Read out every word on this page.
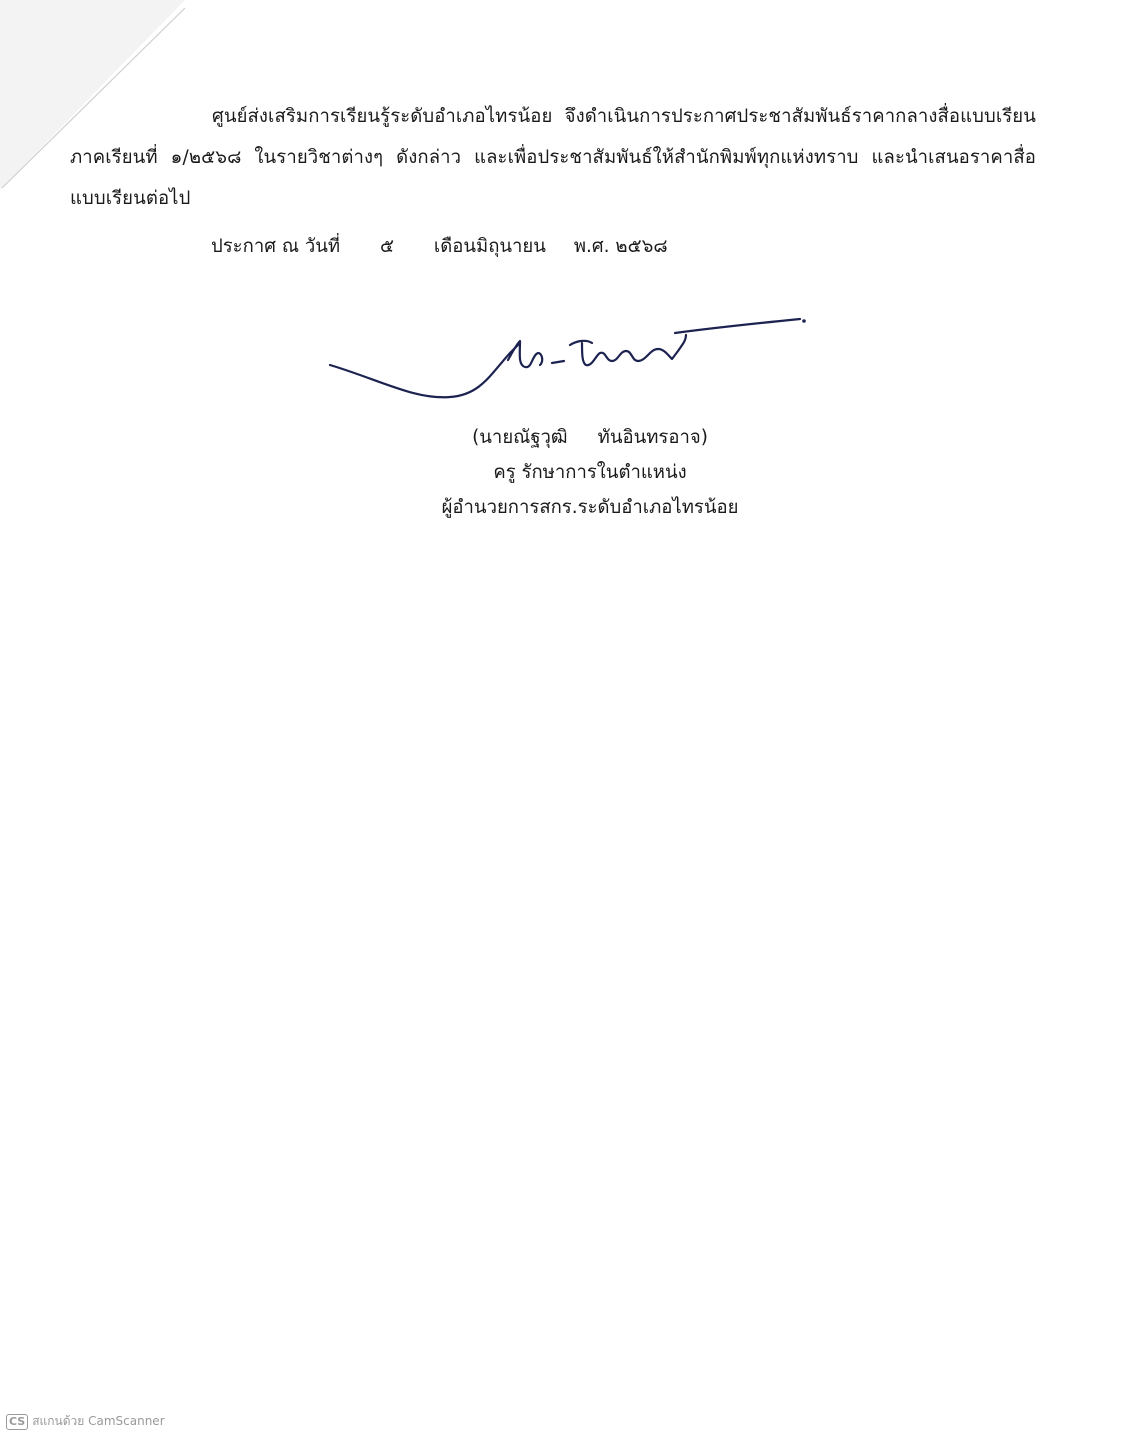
ศูนย์ส่งเสริมการเรียนรู้ระดับอำเภอไทรน้อย จึงดำเนินการประกาศประชาสัมพันธ์ราคากลางสื่อแบบเรียน
ภาคเรียนที่ ๑/๒๕๖๘ ในรายวิชาต่างๆ ดังกล่าว และเพื่อประชาสัมพันธ์ให้สำนักพิมพ์ทุกแห่งทราบ และนำเสนอราคาสื่อ
แบบเรียนต่อไป
ประกาศ ณ วันที่ ๕ เดือนมิถุนายน พ.ศ. ๒๕๖๘
(นายณัฐวุฒิ ทันอินทรอาจ)
ครู รักษาการในตำแหน่ง
ผู้อำนวยการสกร.ระดับอำเภอไทรน้อย
CS สแกนด้วย CamScanner
